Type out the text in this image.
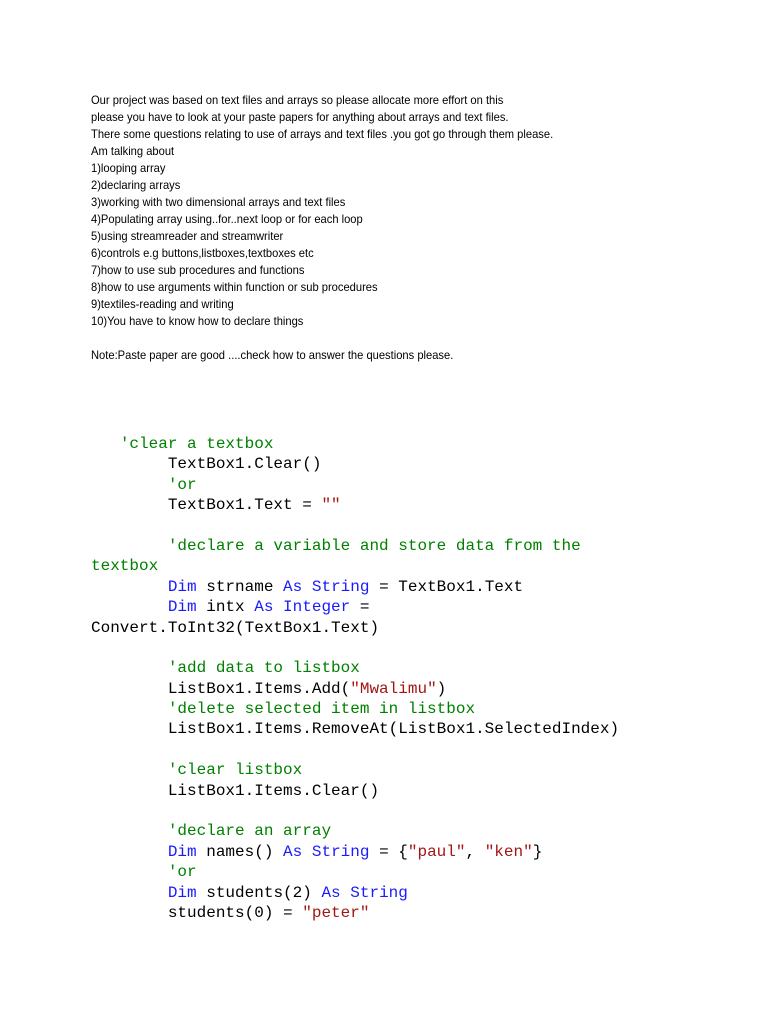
Our project was based on text files and arrays so please allocate more effort on this
please you have to look at your paste papers for anything about arrays and text files.
There some questions relating to use of arrays and text files .you got go through them please.
Am talking about
1)looping array
2)declaring arrays
3)working with two dimensional arrays and text files
4)Populating array using..for..next loop or for each loop
5)using streamreader and streamwriter
6)controls e.g buttons,listboxes,textboxes etc
7)how to use sub procedures and functions
8)how to use arguments within function or sub procedures
9)textiles-reading and writing
10)You have to know how to declare things
Note:Paste paper are good ....check how to answer the questions please.
'clear a textbox
TextBox1.Clear()
'or
TextBox1.Text = ""
'declare a variable and store data from the
textbox
Dim strname As String = TextBox1.Text
Dim intx As Integer =
Convert.ToInt32(TextBox1.Text)
'add data to listbox
ListBox1.Items.Add("Mwalimu")
'delete selected item in listbox
ListBox1.Items.RemoveAt(ListBox1.SelectedIndex)
'clear listbox
ListBox1.Items.Clear()
'declare an array
Dim names() As String = {"paul", "ken"}
'or
Dim students(2) As String
students(0) = "peter"
